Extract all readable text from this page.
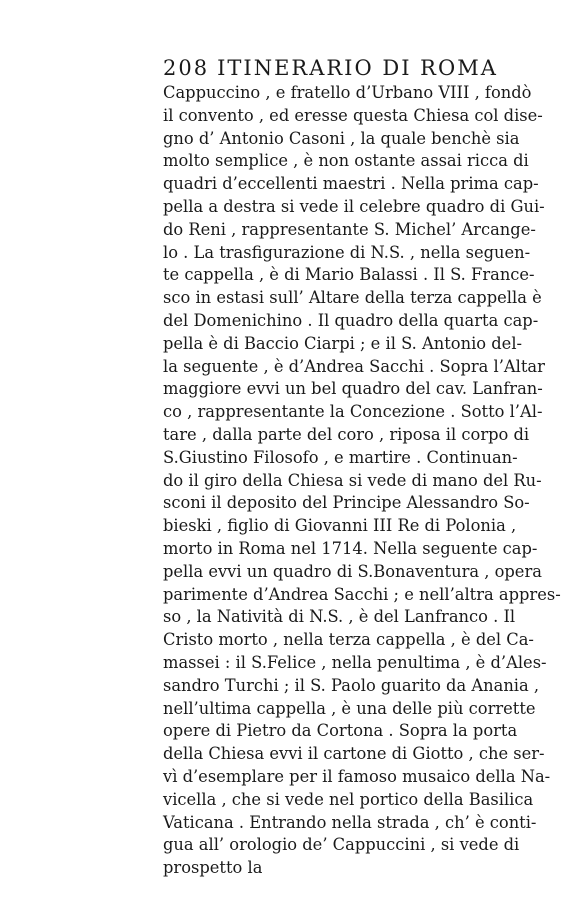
208 ITINERARIO DI ROMA
Cappuccino , e fratello d’Urbano VIII , fondò
il convento , ed eresse questa Chiesa col dise-
gno d’ Antonio Casoni , la quale benchè sia
molto semplice , è non ostante assai ricca di
quadri d’eccellenti maestri . Nella prima cap-
pella a destra si vede il celebre quadro di Gui-
do Reni , rappresentante S. Michel’ Arcange-
lo . La trasfigurazione di N.S. , nella seguen-
te cappella , è di Mario Balassi . Il S. France-
sco in estasi sull’ Altare della terza cappella è
del Domenichino . Il quadro della quarta cap-
pella è di Baccio Ciarpi ; e il S. Antonio del-
la seguente , è d’Andrea Sacchi . Sopra l’Altar
maggiore evvi un bel quadro del cav. Lanfran-
co , rappresentante la Concezione . Sotto l’Al-
tare , dalla parte del coro , riposa il corpo di
S.Giustino Filosofo , e martire . Continuan-
do il giro della Chiesa si vede di mano del Ru-
sconi il deposito del Principe Alessandro So-
bieski , figlio di Giovanni III Re di Polonia ,
morto in Roma nel 1714. Nella seguente cap-
pella evvi un quadro di S.Bonaventura , opera
parimente d’Andrea Sacchi ; e nell’altra appres-
so , la Natività di N.S. , è del Lanfranco . Il
Cristo morto , nella terza cappella , è del Ca-
massei : il S.Felice , nella penultima , è d’Ales-
sandro Turchi ; il S. Paolo guarito da Anania ,
nell’ultima cappella , è una delle più corrette
opere di Pietro da Cortona . Sopra la porta
della Chiesa evvi il cartone di Giotto , che ser-
vì d’esemplare per il famoso musaico della Na-
vicella , che si vede nel portico della Basilica
Vaticana . Entrando nella strada , ch’ è conti-
gua all’ orologio de’ Cappuccini , si vede di
prospetto la
